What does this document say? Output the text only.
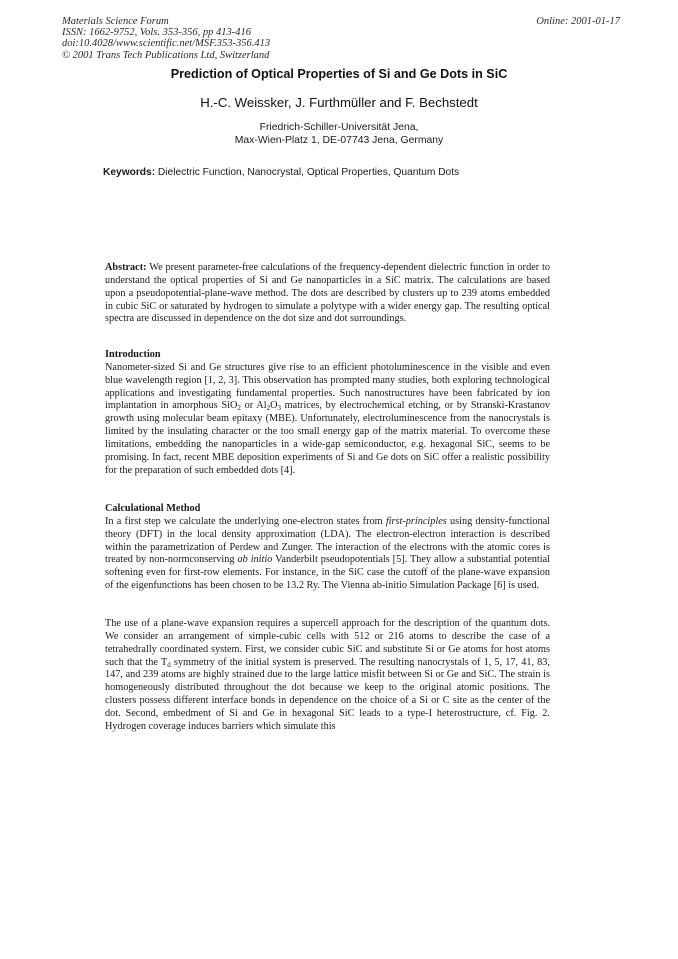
Materials Science Forum
ISSN: 1662-9752, Vols. 353-356, pp 413-416
doi:10.4028/www.scientific.net/MSF.353-356.413
© 2001 Trans Tech Publications Ltd, Switzerland
Online: 2001-01-17
Prediction of Optical Properties of Si and Ge Dots in SiC
H.-C. Weissker, J. Furthmüller and F. Bechstedt
Friedrich-Schiller-Universität Jena,
Max-Wien-Platz 1, DE-07743 Jena, Germany
Keywords: Dielectric Function, Nanocrystal, Optical Properties, Quantum Dots
Abstract: We present parameter-free calculations of the frequency-dependent dielectric function in order to understand the optical properties of Si and Ge nanoparticles in a SiC matrix. The calculations are based upon a pseudopotential-plane-wave method. The dots are described by clusters up to 239 atoms embedded in cubic SiC or saturated by hydrogen to simulate a polytype with a wider energy gap. The resulting optical spectra are discussed in dependence on the dot size and dot surroundings.
Introduction
Nanometer-sized Si and Ge structures give rise to an efficient photoluminescence in the visible and even blue wavelength region [1, 2, 3]. This observation has prompted many studies, both exploring technological applications and investigating fundamental properties. Such nanostructures have been fabricated by ion implantation in amorphous SiO$_2$ or $Al_2O_3$ matrices, by electrochemical etching, or by Stranski-Krastanov growth using molecular beam epitaxy (MBE). Unfortunately, electroluminescence from the nanocrystals is limited by the insulating character or the too small energy gap of the matrix material. To overcome these limitations, embedding the nanoparticles in a wide-gap semiconductor, e.g. hexagonal SiC, seems to be promising. In fact, recent MBE deposition experiments of Si and Ge dots on SiC offer a realistic possibility for the preparation of such embedded dots [4].
Calculational Method
In a first step we calculate the underlying one-electron states from first-principles using density-functional theory (DFT) in the local density approximation (LDA). The electron-electron interaction is described within the parametrization of Perdew and Zunger. The interaction of the electrons with the atomic cores is treated by non-normconserving ab initio Vanderbilt pseudopotentials [5]. They allow a substantial potential softening even for first-row elements. For instance, in the SiC case the cutoff of the plane-wave expansion of the eigenfunctions has been chosen to be 13.2 Ry. The Vienna ab-initio Simulation Package [6] is used.
The use of a plane-wave expansion requires a supercell approach for the description of the quantum dots. We consider an arrangement of simple-cubic cells with 512 or 216 atoms to describe the case of a tetrahedrally coordinated system. First, we consider cubic SiC and substitute Si or Ge atoms for host atoms such that the $T_d$ symmetry of the initial system is preserved. The resulting nanocrystals of 1, 5, 17, 41, 83, 147, and 239 atoms are highly strained due to the large lattice misfit between Si or Ge and SiC. The strain is homogeneously distributed throughout the dot because we keep to the original atomic positions. The clusters possess different interface bonds in dependence on the choice of a Si or C site as the center of the dot. Second, embedment of Si and Ge in hexagonal SiC leads to a type-I heterostructure, cf. Fig. 2. Hydrogen coverage induces barriers which simulate this
